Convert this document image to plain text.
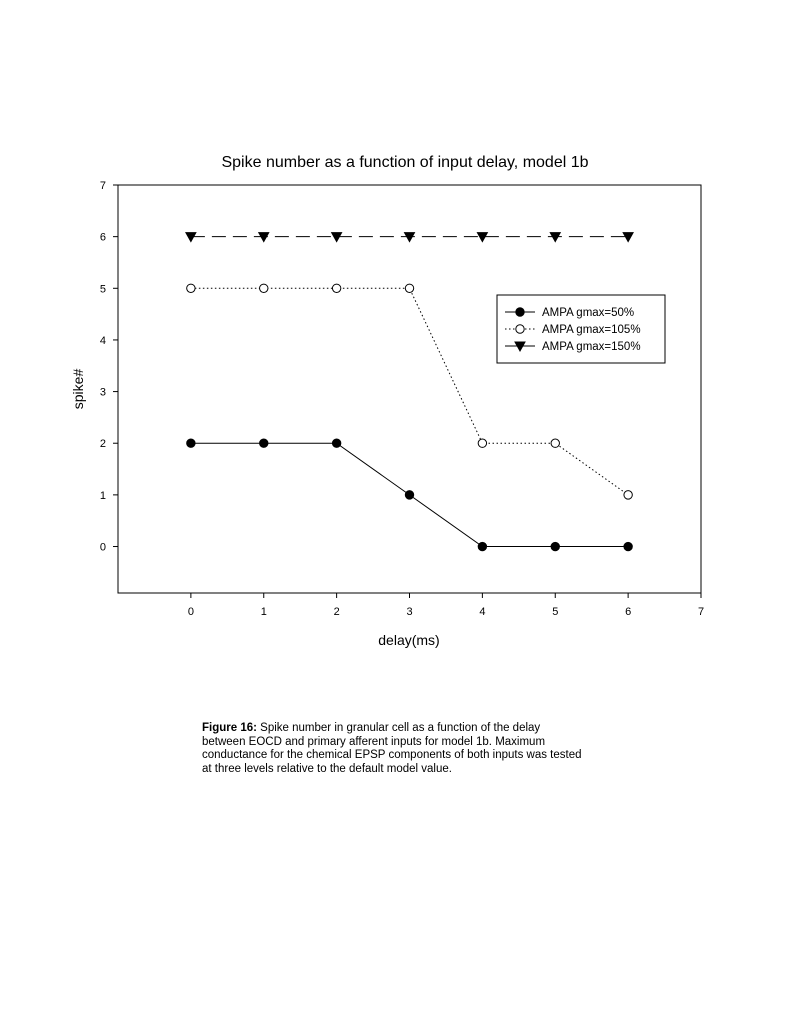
Spike number as a function of input delay, model 1b
0	1	2	3	4	5	6	7
0
1
2
3
4
5
6
7
AMPA gmax=50%
AMPA gmax=105%
AMPA gmax=150%
delay(ms)
spike#
Figure 16: Spike number in granular cell as a function of the delay between EOCD and primary afferent inputs for model 1b. Maximum conductance for the chemical EPSP components of both inputs was tested at three levels relative to the default model value.
